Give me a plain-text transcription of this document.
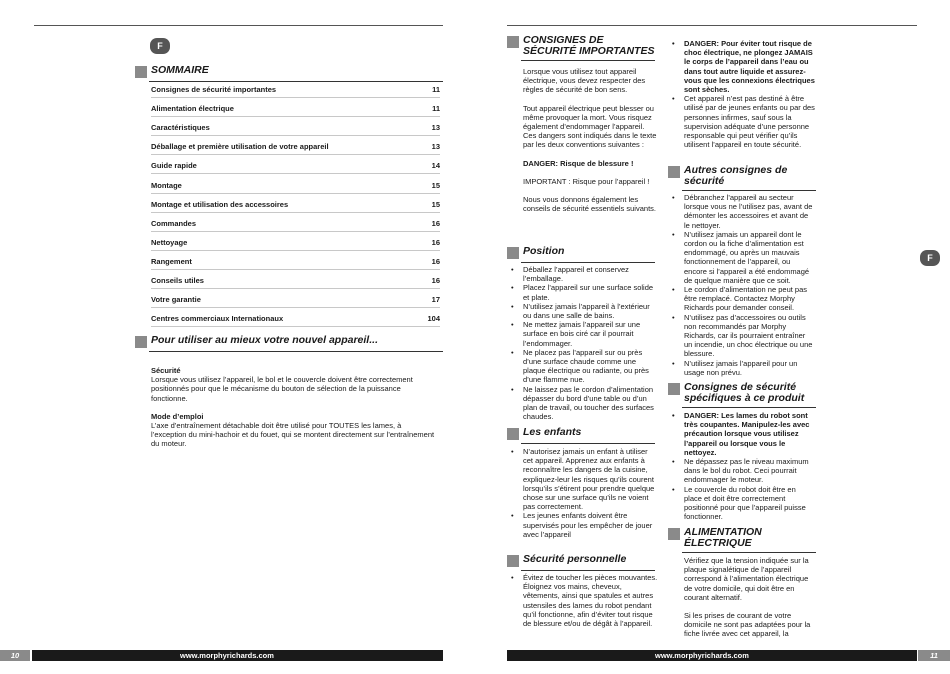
F
SOMMAIRE
Consignes de sécurité importantes	11
Alimentation électrique	11
Caractéristiques	13
Déballage et première utilisation de votre appareil	13
Guide rapide	14
Montage	15
Montage et utilisation des accessoires	15
Commandes	16
Nettoyage	16
Rangement	16
Conseils utiles	16
Votre garantie	17
Centres commerciaux Internationaux	104
Pour utiliser au mieux votre nouvel appareil...
Sécurité
Lorsque vous utilisez l’appareil, le bol et le couvercle doivent être correctement positionnés pour que le mécanisme du bouton de sélection de la puissance fonctionne.
Mode d’emploi
L’axe d’entraînement détachable doit être utilisé pour TOUTES les lames, à l’exception du mini-hachoir et du fouet, qui se montent directement sur l’entraînement du moteur.
10	www.morphyrichards.com
CONSIGNES DE SÉCURITÉ IMPORTANTES
Lorsque vous utilisez tout appareil électrique, vous devez respecter des règles de sécurité de bon sens.
Tout appareil électrique peut blesser ou même provoquer la mort. Vous risquez également d’endommager l’appareil. Ces dangers sont indiqués dans le texte par les deux conventions suivantes :
DANGER: Risque de blessure !
IMPORTANT : Risque pour l’appareil !
Nous vous donnons également les conseils de sécurité essentiels suivants.
Position
• Déballez l’appareil et conservez l’emballage.
• Placez l’appareil sur une surface solide et plate.
• N’utilisez jamais l’appareil à l’extérieur ou dans une salle de bains.
• Ne mettez jamais l’appareil sur une surface en bois ciré car il pourrait l’endommager.
• Ne placez pas l’appareil sur ou près d’une surface chaude comme une plaque électrique ou radiante, ou près d’une flamme nue.
• Ne laissez pas le cordon d’alimentation dépasser du bord d’une table ou d’un plan de travail, ou toucher des surfaces chaudes.
Les enfants
• N’autorisez jamais un enfant à utiliser cet appareil. Apprenez aux enfants à reconnaître les dangers de la cuisine, expliquez-leur les risques qu’ils courent lorsqu’ils s’étirent pour prendre quelque chose sur une surface qu’ils ne voient pas correctement.
• Les jeunes enfants doivent être supervisés pour les empêcher de jouer avec l’appareil
Sécurité personnelle
• Évitez de toucher les pièces mouvantes. Éloignez vos mains, cheveux, vêtements, ainsi que spatules et autres ustensiles des lames du robot pendant qu’il fonctionne, afin d’éviter tout risque de blessure et/ou de dégât à l’appareil.
• DANGER: Pour éviter tout risque de choc électrique, ne plongez JAMAIS le corps de l’appareil dans l’eau ou dans tout autre liquide et assurez-vous que les connexions électriques sont sèches.
• Cet appareil n’est pas destiné à être utilisé par de jeunes enfants ou par des personnes infirmes, sauf sous la supervision adéquate d’une personne responsable qui peut vérifier qu’ils utilisent l’appareil en toute sécurité.
Autres consignes de sécurité
• Débranchez l’appareil au secteur lorsque vous ne l’utilisez pas, avant de démonter les accessoires et avant de le nettoyer.
• N’utilisez jamais un appareil dont le cordon ou la fiche d’alimentation est endommagé, ou après un mauvais fonctionnement de l’appareil, ou encore si l’appareil a été endommagé de quelque manière que ce soit.
• Le cordon d’alimentation ne peut pas être remplacé. Contactez Morphy Richards pour demander conseil.
• N’utilisez pas d’accessoires ou outils non recommandés par Morphy Richards, car ils pourraient entraîner un incendie, un choc électrique ou une blessure.
• N’utilisez jamais l’appareil pour un usage non prévu.
Consignes de sécurité spécifiques à ce produit
• DANGER: Les lames du robot sont très coupantes. Manipulez-les avec précaution lorsque vous utilisez l’appareil ou lorsque vous le nettoyez.
• Ne dépassez pas le niveau maximum dans le bol du robot. Ceci pourrait endommager le moteur.
• Le couvercle du robot doit être en place et doit être correctement positionné pour que l’appareil puisse fonctionner.
ALIMENTATION ÉLECTRIQUE
Vérifiez que la tension indiquée sur la plaque signalétique de l’appareil correspond à l’alimentation électrique de votre domicile, qui doit être en courant alternatif.
Si les prises de courant de votre domicile ne sont pas adaptées pour la fiche livrée avec cet appareil, la
F
www.morphyrichards.com	11
